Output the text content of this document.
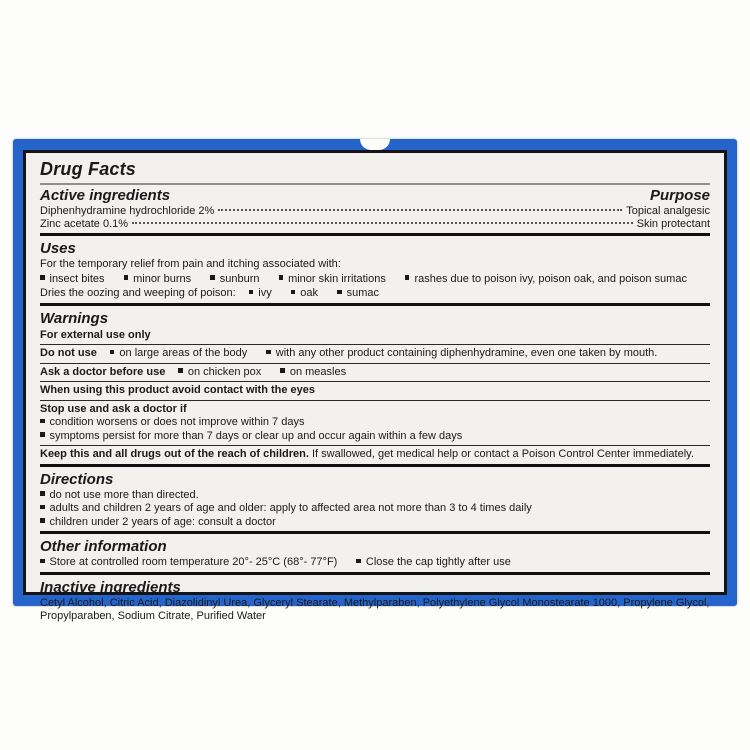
Drug Facts
Active ingredients	Purpose
Diphenhydramine hydrochloride 2%	Topical analgesic
Zinc acetate 0.1%	Skin protectant
Uses
For the temporary relief from pain and itching associated with:
insect bites	minor burns	sunburn	minor skin irritations	rashes due to poison ivy, poison oak, and poison sumac
Dries the oozing and weeping of poison: ivy	oak	sumac
Warnings
For external use only
Do not use on large areas of the body	with any other product containing diphenhydramine, even one taken by mouth.
Ask a doctor before use on chicken pox	on measles
When using this product avoid contact with the eyes
Stop use and ask a doctor if
condition worsens or does not improve within 7 days
symptoms persist for more than 7 days or clear up and occur again within a few days
Keep this and all drugs out of the reach of children. If swallowed, get medical help or contact a Poison Control Center immediately.
Directions
do not use more than directed.
adults and children 2 years of age and older: apply to affected area not more than 3 to 4 times daily
children under 2 years of age: consult a doctor
Other information
Store at controlled room temperature 20°- 25°C (68°- 77°F)	Close the cap tightly after use
Inactive ingredients
Cetyl Alcohol, Citric Acid, Diazolidinyl Urea, Glyceryl Stearate, Methylparaben, Polyethylene Glycol Monostearate 1000, Propylene Glycol, Propylparaben, Sodium Citrate, Purified Water
